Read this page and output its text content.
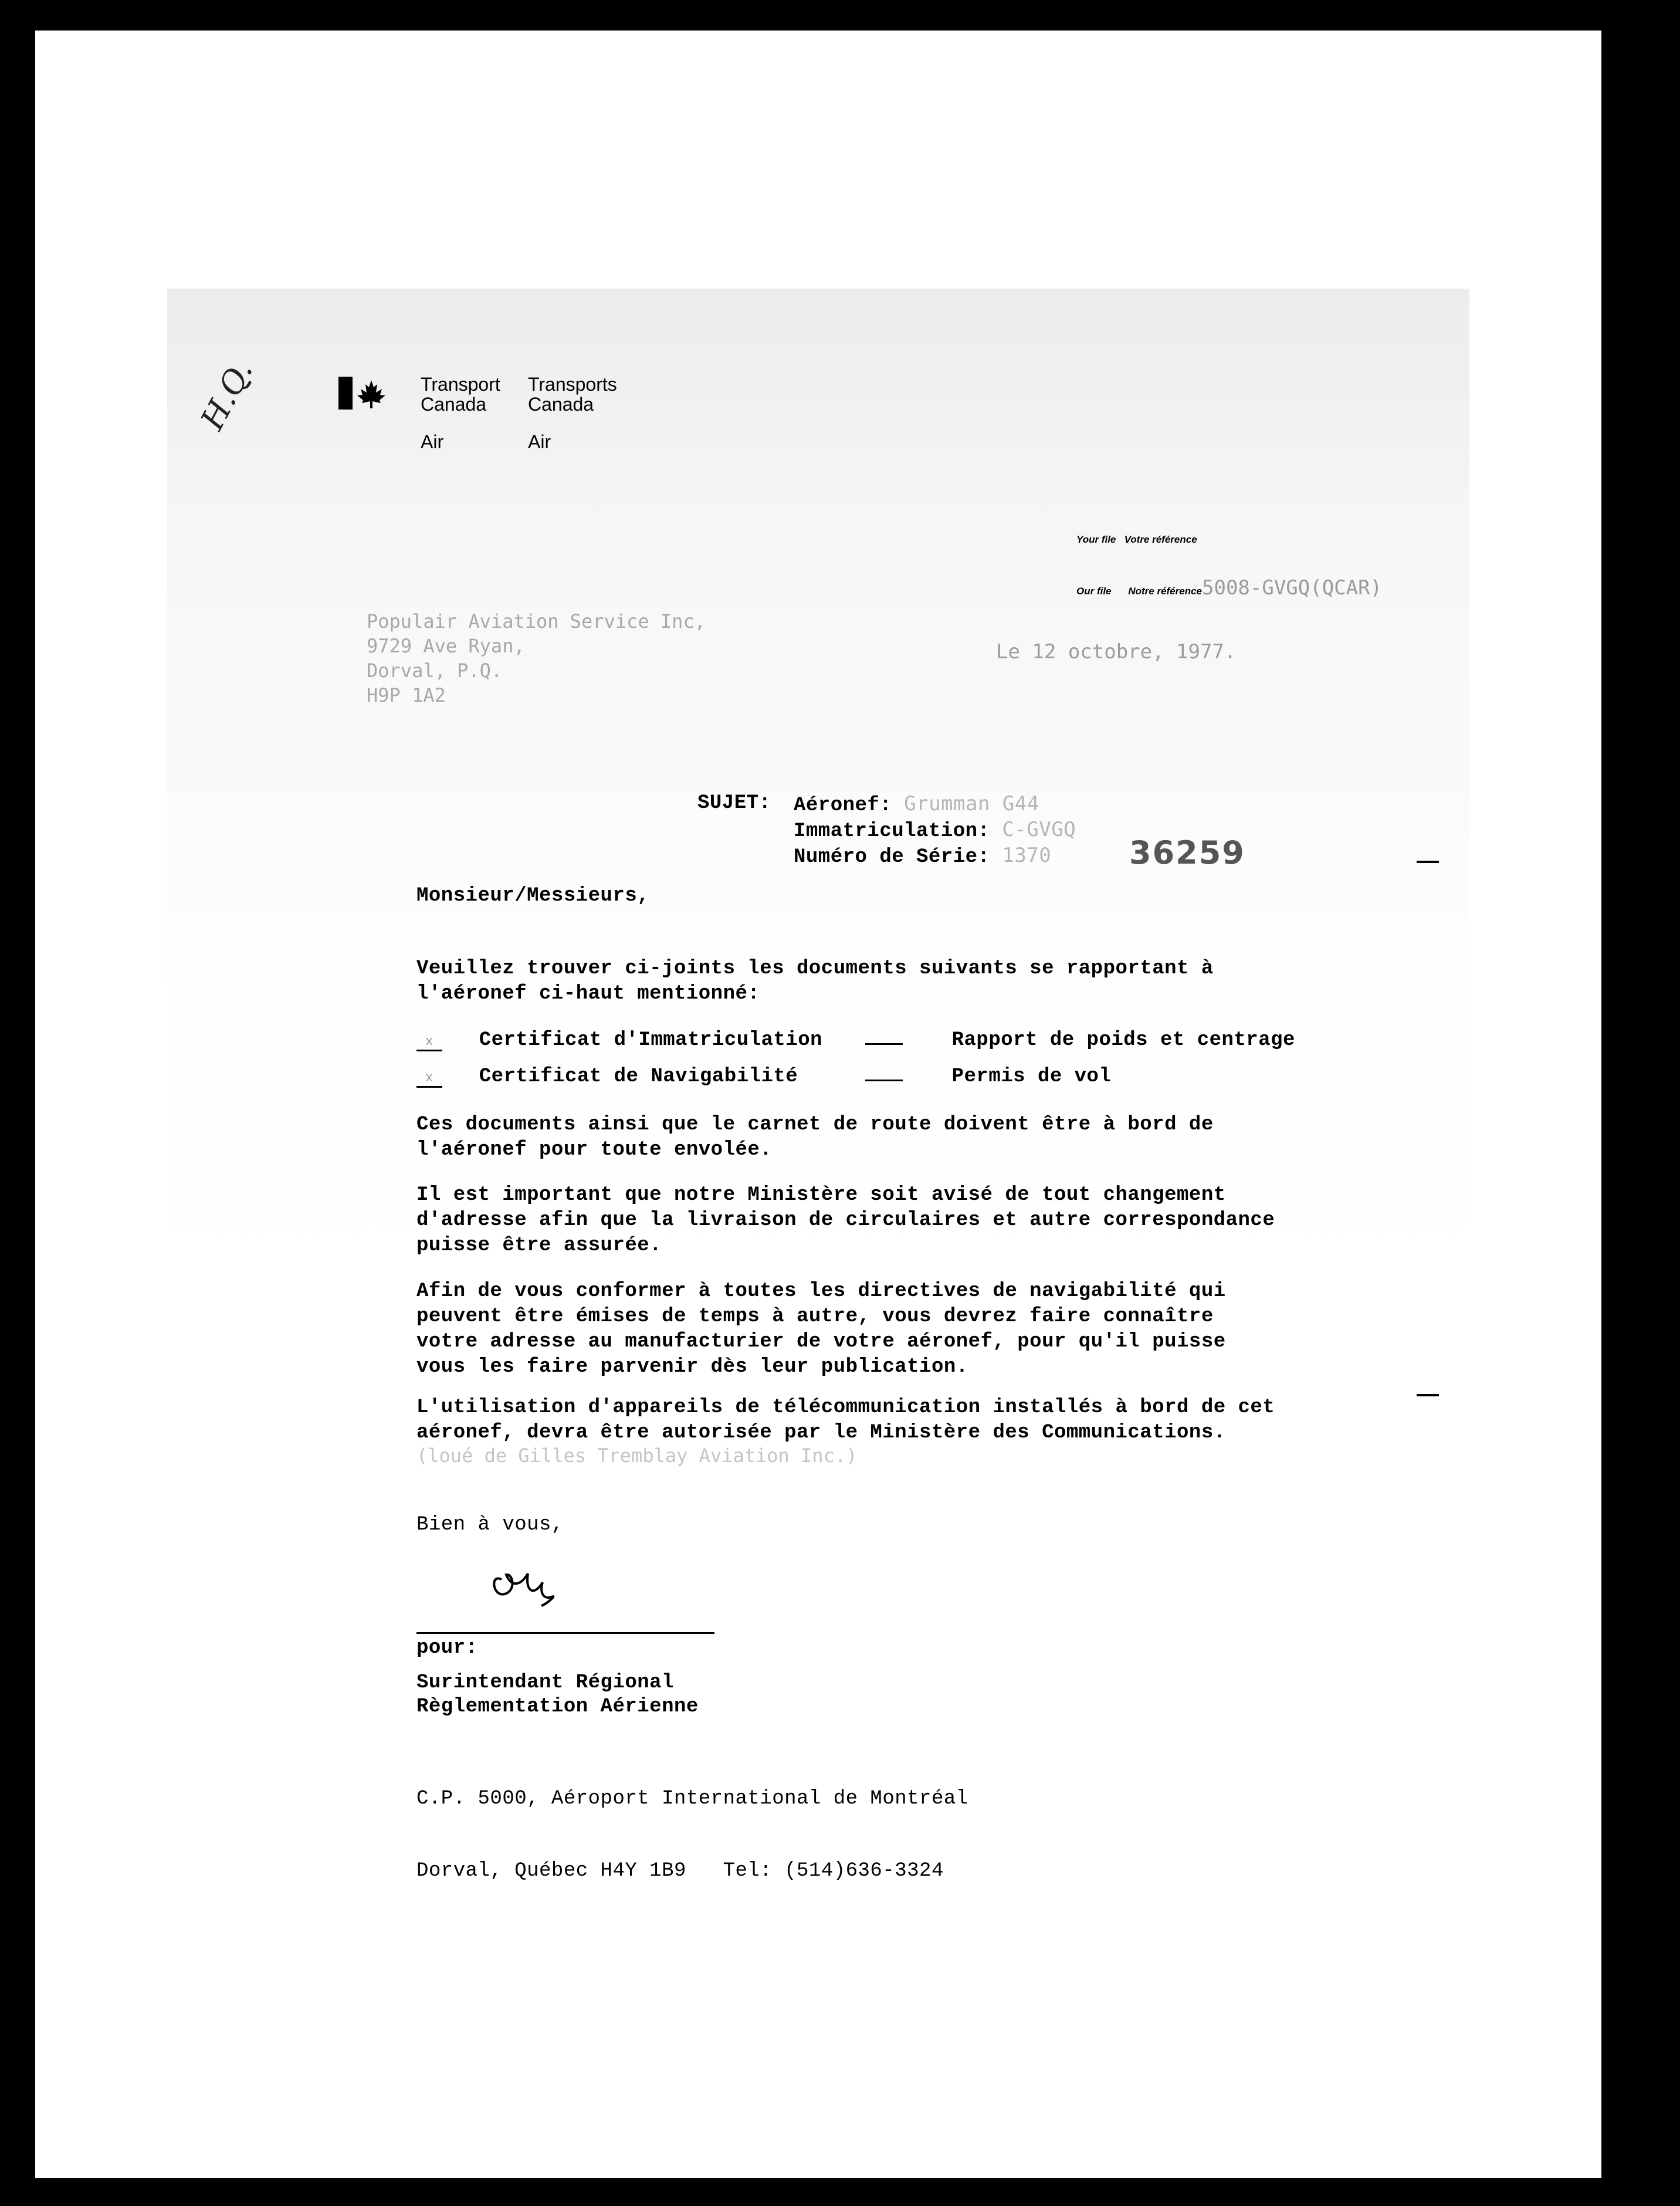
H.Q.	Transport
Canada
Air
Transports
Canada
Air
Your file Votre référence
Our file Notre référence5008-GVGQ(QCAR)
Populair Aviation Service Inc,
9729 Ave Ryan,
Dorval, P.Q.
H9P 1A2
Le 12 octobre, 1977.
SUJET: Aéronef: Grumman G44
Immatriculation: C-GVGQ
Numéro de Série: 1370	36259
Monsieur/Messieurs,
Veuillez trouver ci-joints les documents suivants se rapportant à
l'aéronef ci-haut mentionné:
x Certificat d'Immatriculation	Rapport de poids et centrage
x Certificat de Navigabilité	Permis de vol
Ces documents ainsi que le carnet de route doivent être à bord de
l'aéronef pour toute envolée.
Il est important que notre Ministère soit avisé de tout changement
d'adresse afin que la livraison de circulaires et autre correspondance
puisse être assurée.
Afin de vous conformer à toutes les directives de navigabilité qui
peuvent être émises de temps à autre, vous devrez faire connaître
votre adresse au manufacturier de votre aéronef, pour qu'il puisse
vous les faire parvenir dès leur publication.
L'utilisation d'appareils de télécommunication installés à bord de cet
aéronef, devra être autorisée par le Ministère des Communications.
(loué de Gilles Tremblay Aviation Inc.)
Bien à vous,
pour:
Surintendant Régional
Règlementation Aérienne

C.P. 5000, Aéroport International de Montréal

Dorval, Québec H4Y 1B9   Tel: (514)636-3324
